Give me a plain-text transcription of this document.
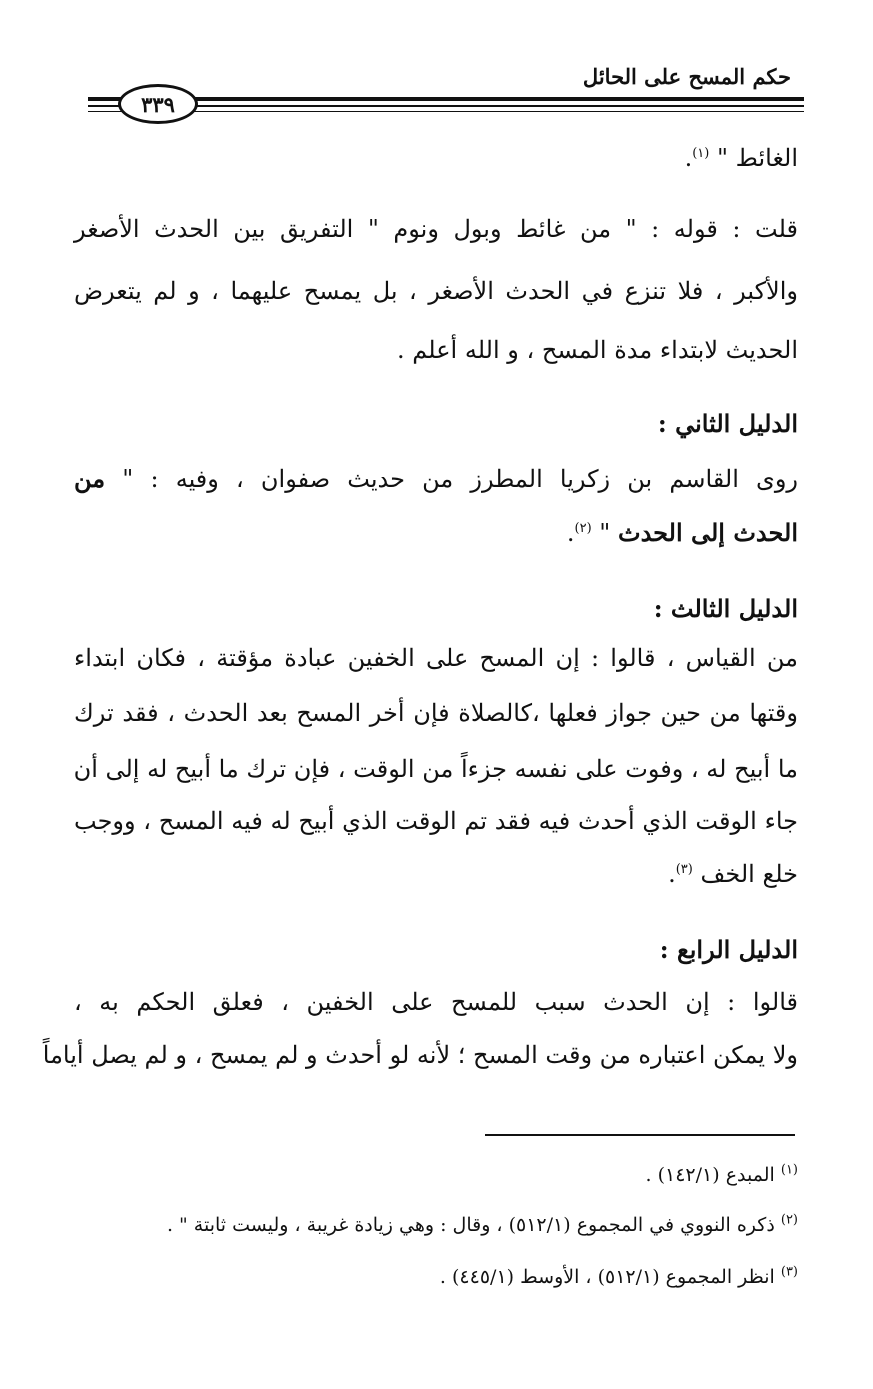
حكم المسح على الحائل
٣٣٩
الغائط " $^{(١)}$.
قلت : قوله : " من غائط وبول ونوم " التفريق بين الحدث الأصغر
والأكبر ، فلا تنزع في الحدث الأصغر ، بل يمسح عليهما ، و لم يتعرض
الحديث لابتداء مدة المسح ، و الله أعلم .
الدليل الثاني :
روى القاسم بن زكريا المطرز من حديث صفوان ، وفيه : " من
الحدث إلى الحدث " $^{(٢)}$.
الدليل الثالث :
من القياس ، قالوا : إن المسح على الخفين عبادة مؤقتة ، فكان ابتداء
وقتها من حين جواز فعلها ،كالصلاة فإن أخر المسح بعد الحدث ، فقد ترك
ما أبيح له ، وفوت على نفسه جزءاً من الوقت ، فإن ترك ما أبيح له إلى أن
جاء الوقت الذي أحدث فيه فقد تم الوقت الذي أبيح له فيه المسح ، ووجب
خلع الخف $^{(٣)}$.
الدليل الرابع :
قالوا : إن الحدث سبب للمسح على الخفين ، فعلق الحكم به ،
ولا يمكن اعتباره من وقت المسح ؛ لأنه لو أحدث و لم يمسح ، و لم يصل أياماً
$^{(١)}$ المبدع (١٤٢/١) .
$^{(٢)}$ ذكره النووي في المجموع (٥١٢/١) ، وقال : وهي زيادة غريبة ، وليست ثابتة " .
$^{(٣)}$ انظر المجموع (٥١٢/١) ، الأوسط (٤٤٥/١) .
